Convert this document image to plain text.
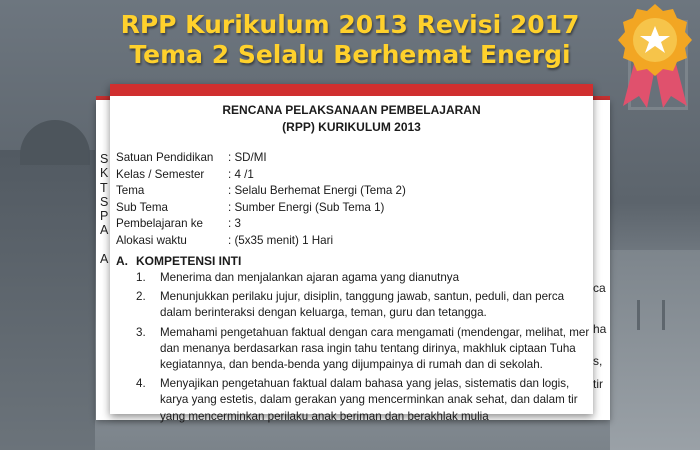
RPP Kurikulum 2013 Revisi 2017
Tema 2 Selalu Berhemat Energi
S
K
T
S
P
A
A
ca
ha
s,
tir
RENCANA PELAKSANAAN PEMBELAJARAN
(RPP) KURIKULUM 2013
Satuan Pendidikan : SD/MI
Kelas / Semester : 4 /1
Tema	: Selalu Berhemat Energi (Tema 2)
Sub Tema	: Sumber Energi (Sub Tema 1)
Pembelajaran ke : 3
Alokasi waktu	: (5x35 menit) 1 Hari
A. KOMPETENSI INTI
1. Menerima dan menjalankan ajaran agama yang dianutnya
2. Menunjukkan perilaku jujur, disiplin, tanggung jawab, santun, peduli, dan perca
dalam berinteraksi dengan keluarga, teman, guru dan tetangga.
3. Memahami pengetahuan faktual dengan cara mengamati (mendengar, melihat, mer
dan menanya berdasarkan rasa ingin tahu tentang dirinya, makhluk ciptaan Tuha
kegiatannya, dan benda-benda yang dijumpainya di rumah dan di sekolah.
4. Menyajikan pengetahuan faktual dalam bahasa yang jelas, sistematis dan logis,
karya yang estetis, dalam gerakan yang mencerminkan anak sehat, dan dalam tir
yang mencerminkan perilaku anak beriman dan berakhlak mulia
